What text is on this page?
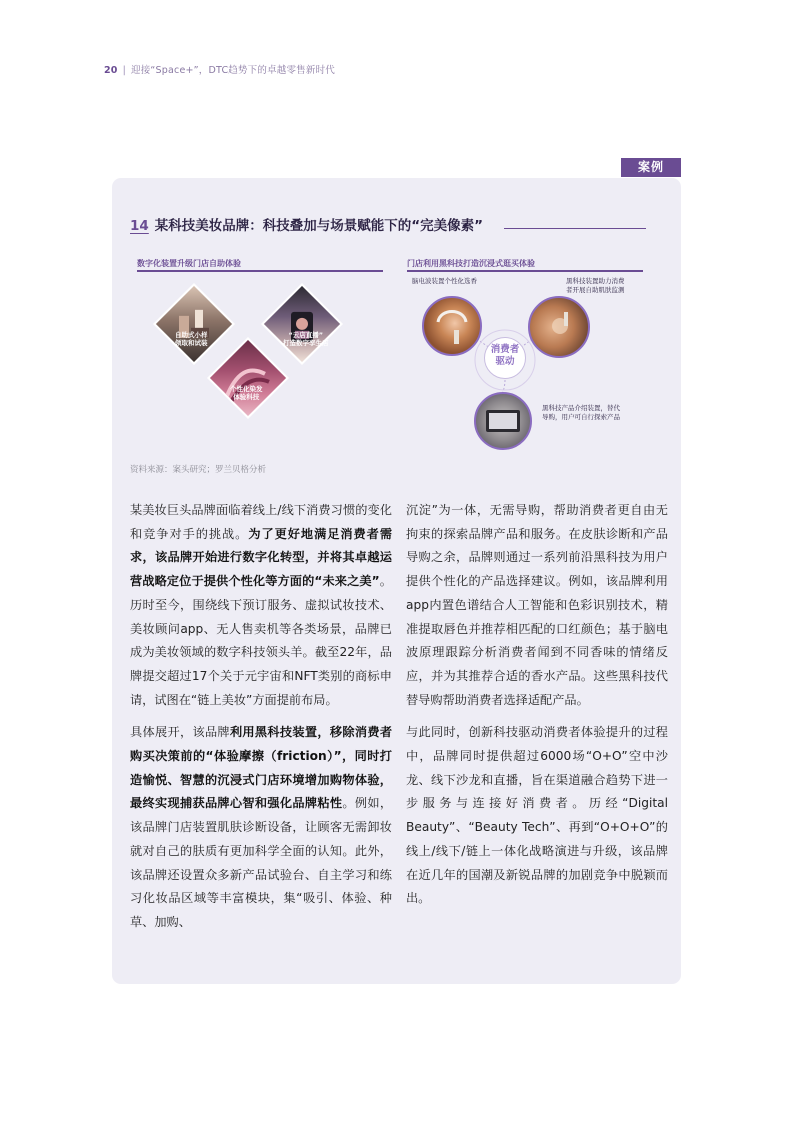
20 | 迎接“Space+”，DTC趋势下的卓越零售新时代
案例
14 某科技美妆品牌：科技叠加与场景赋能下的“完美像素”
数字化装置升级门店自助体验
自助式小样
领取和试装
“云店直播”
打造数字孪生店
个性化染发
体验科技
门店利用黑科技打造沉浸式逛买体验
脑电波装置个性化选香	黑科技装置助力消费
者开展自助肌肤监测
消费者
驱动
黑科技产品介绍装置，替代
导购，用户可自行探索产品
资料来源：案头研究；罗兰贝格分析

某美妆巨头品牌面临着线上/线下消费习惯的变化和竞争对手的挑战。为了更好地满足消费者需求，该品牌开始进行数字化转型，并将其卓越运营战略定位于提供个性化等方面的“未来之美”。历时至今，围绕线下预订服务、虚拟试妆技术、美妆顾问app、无人售卖机等各类场景，品牌已成为美妆领域的数字科技领头羊。截至22年，品牌提交超过17个关于元宇宙和NFT类别的商标申请，试图在“链上美妆”方面提前布局。

具体展开，该品牌利用黑科技装置，移除消费者购买决策前的“体验摩擦（friction）”，同时打造愉悦、智慧的沉浸式门店环境增加购物体验，最终实现捕获品牌心智和强化品牌粘性。例如，该品牌门店装置肌肤诊断设备，让顾客无需卸妆就对自己的肤质有更加科学全面的认知。此外，该品牌还设置众多新产品试验台、自主学习和练习化妆品区域等丰富模块，集“吸引、体验、种草、加购、

沉淀”为一体，无需导购，帮助消费者更自由无拘束的探索品牌产品和服务。在皮肤诊断和产品导购之余，品牌则通过一系列前沿黑科技为用户提供个性化的产品选择建议。例如，该品牌利用app内置色谱结合人工智能和色彩识别技术，精准提取唇色并推荐相匹配的口红颜色；基于脑电波原理跟踪分析消费者闻到不同香味的情绪反应，并为其推荐合适的香水产品。这些黑科技代替导购帮助消费者选择适配产品。

与此同时，创新科技驱动消费者体验提升的过程中，品牌同时提供超过6000场“O+O”空中沙龙、线下沙龙和直播，旨在渠道融合趋势下进一步服务与连接好消费者。历经“Digital Beauty”、“Beauty Tech”、再到“O+O+O”的线上/线下/链上一体化战略演进与升级，该品牌在近几年的国潮及新锐品牌的加剧竞争中脱颖而出。
